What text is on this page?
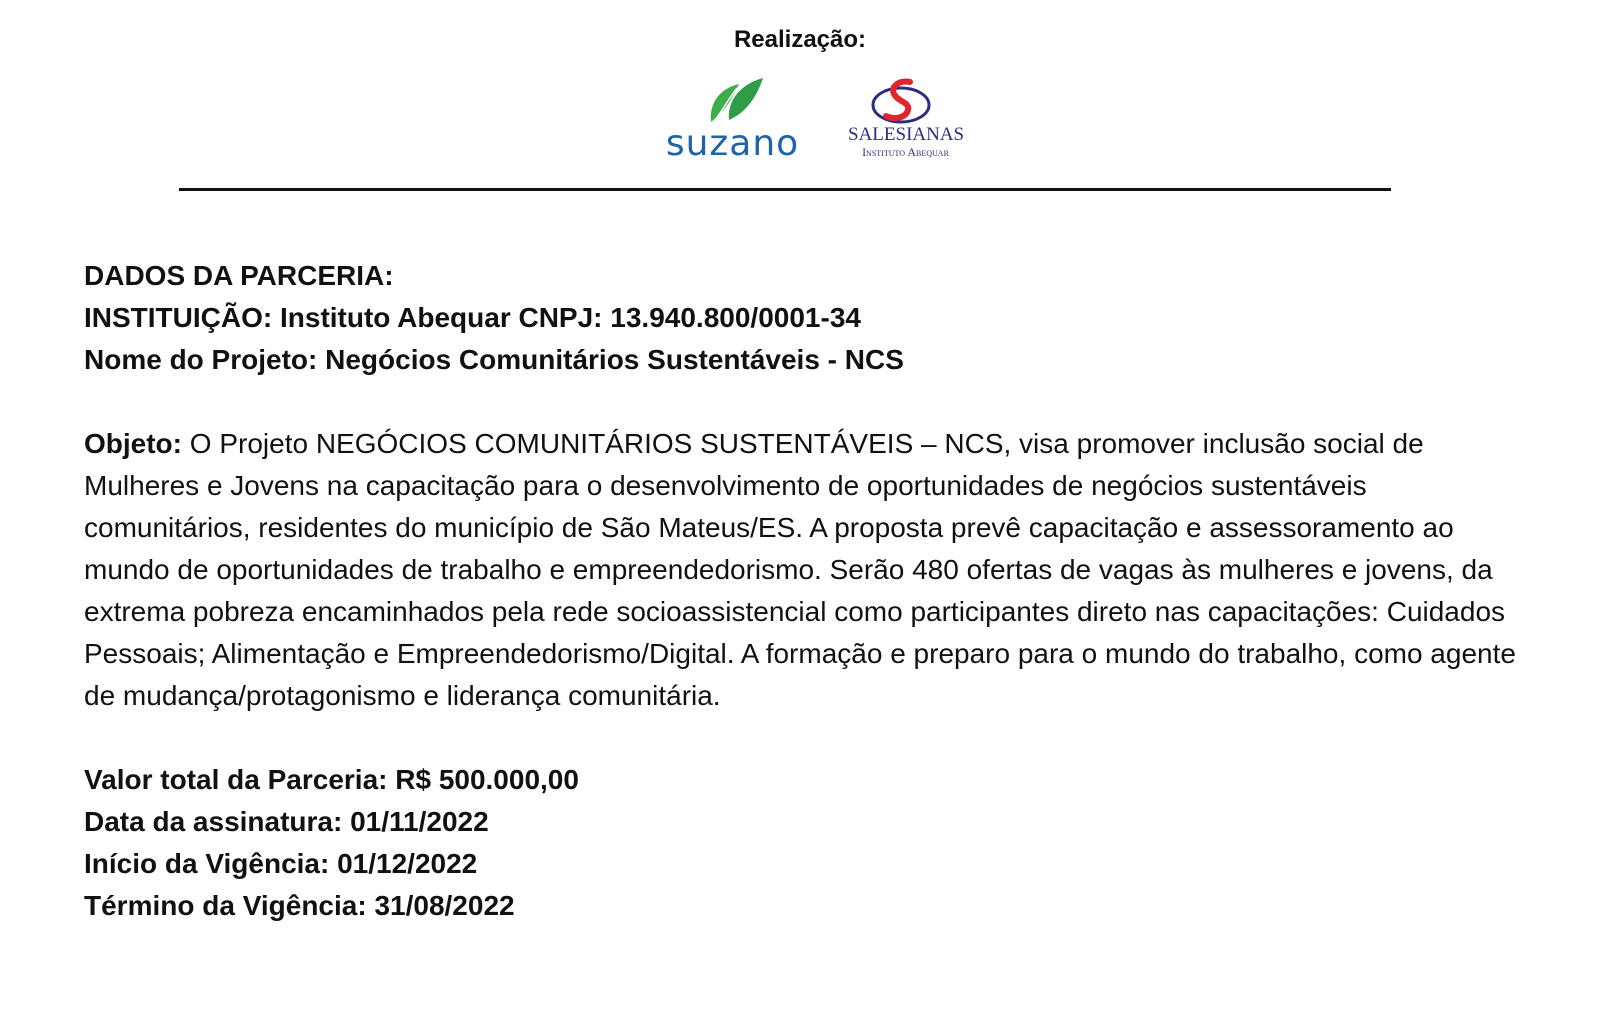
Realização:
suzano	SALESIANAS
Instituto Abequar

DADOS DA PARCERIA:

INSTITUIÇÃO: Instituto Abequar CNPJ: 13.940.800/0001-34

Nome do Projeto: Negócios Comunitários Sustentáveis - NCS

Objeto: O Projeto NEGÓCIOS COMUNITÁRIOS SUSTENTÁVEIS – NCS, visa promover inclusão social de Mulheres e Jovens na capacitação para o desenvolvimento de oportunidades de negócios sustentáveis comunitários, residentes do município de São Mateus/ES. A proposta prevê capacitação e assessoramento ao mundo de oportunidades de trabalho e empreendedorismo. Serão 480 ofertas de vagas às mulheres e jovens, da extrema pobreza encaminhados pela rede socioassistencial como participantes direto nas capacitações: Cuidados Pessoais; Alimentação e Empreendedorismo/Digital. A formação e preparo para o mundo do trabalho, como agente de mudança/protagonismo e liderança comunitária.

Valor total da Parceria: R$ 500.000,00

Data da assinatura: 01/11/2022

Início da Vigência: 01/12/2022

Término da Vigência: 31/08/2022
